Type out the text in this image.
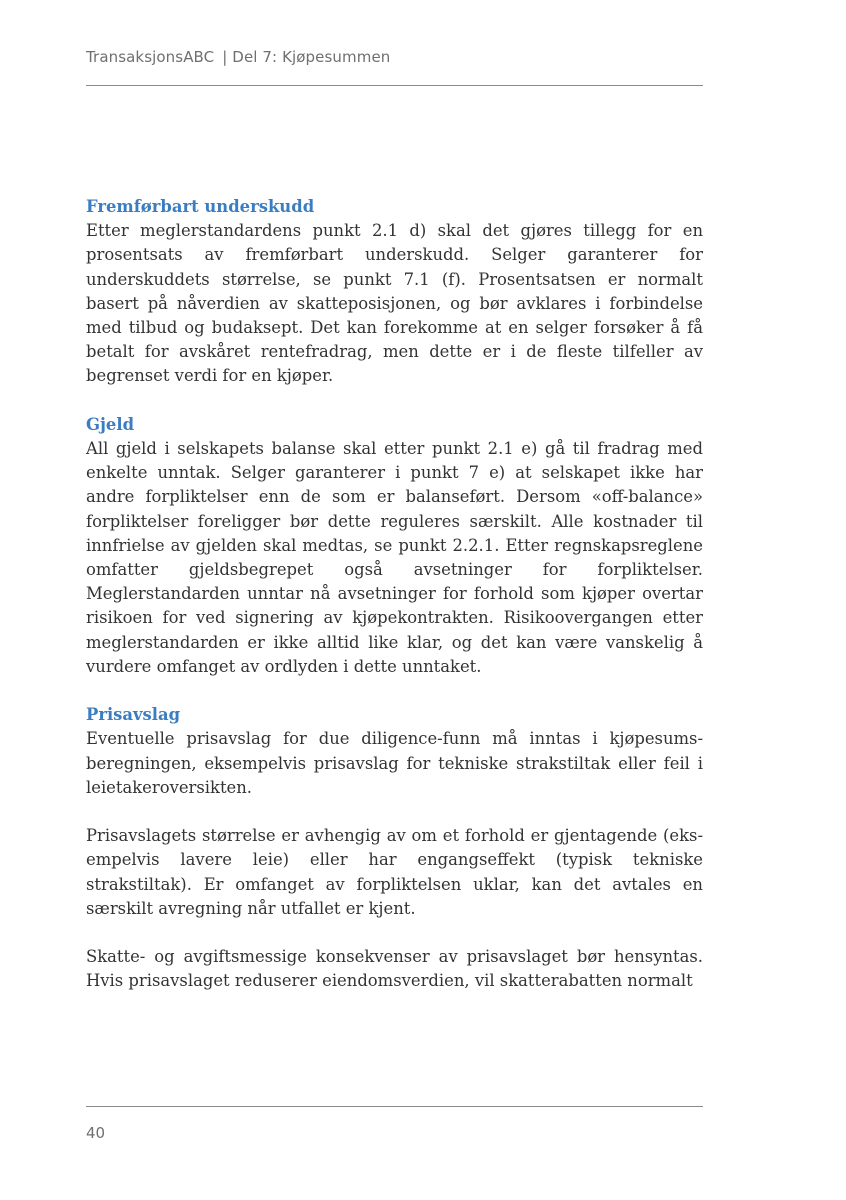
TransaksjonsABC | Del 7: Kjøpesummen

Fremførbart underskudd

Etter meglerstandardens punkt 2.1 d) skal det gjøres tillegg for en prosentsats av fremførbart underskudd. Selger garanterer for underskuddets størrelse, se punkt 7.1 (f). Prosentsatsen er normalt basert på nåverdien av skatteposisjonen, og bør avklares i forbindelse med tilbud og budaksept. Det kan forekomme at en selger forsøker å få betalt for avskåret rentefradrag, men dette er i de fleste tilfeller av begrenset verdi for en kjøper.

Gjeld

All gjeld i selskapets balanse skal etter punkt 2.1 e) gå til fradrag med enkelte unntak. Selger garanterer i punkt 7 e) at selskapet ikke har andre forpliktelser enn de som er balanseført. Dersom «off-balance» forpliktelser foreligger bør dette reguleres særskilt. Alle kostnader til innfrielse av gjelden skal medtas, se punkt 2.2.1. Etter regnskapsreglene omfatter gjeldsbegrepet også avsetninger for forpliktelser. Meglerstandarden unntar nå avsetninger for forhold som kjøper overtar risikoen for ved signering av kjøpekontrakten. Risikoovergangen etter meglerstandarden er ikke alltid like klar, og det kan være vanskelig å vurdere omfanget av ordlyden i dette unntaket.

Prisavslag

Eventuelle prisavslag for due diligence-funn må inntas i kjøpesumsberegningen, eksempelvis prisavslag for tekniske strakstiltak eller feil i leietakeroversikten.

Prisavslagets størrelse er avhengig av om et forhold er gjentagende (eksempelvis lavere leie) eller har engangseffekt (typisk tekniske strakstiltak). Er omfanget av forpliktelsen uklar, kan det avtales en særskilt avregning når utfallet er kjent.

Skatte- og avgiftsmessige konsekvenser av prisavslaget bør hensyntas. Hvis prisavslaget reduserer eiendomsverdien, vil skatterabatten normalt

40
